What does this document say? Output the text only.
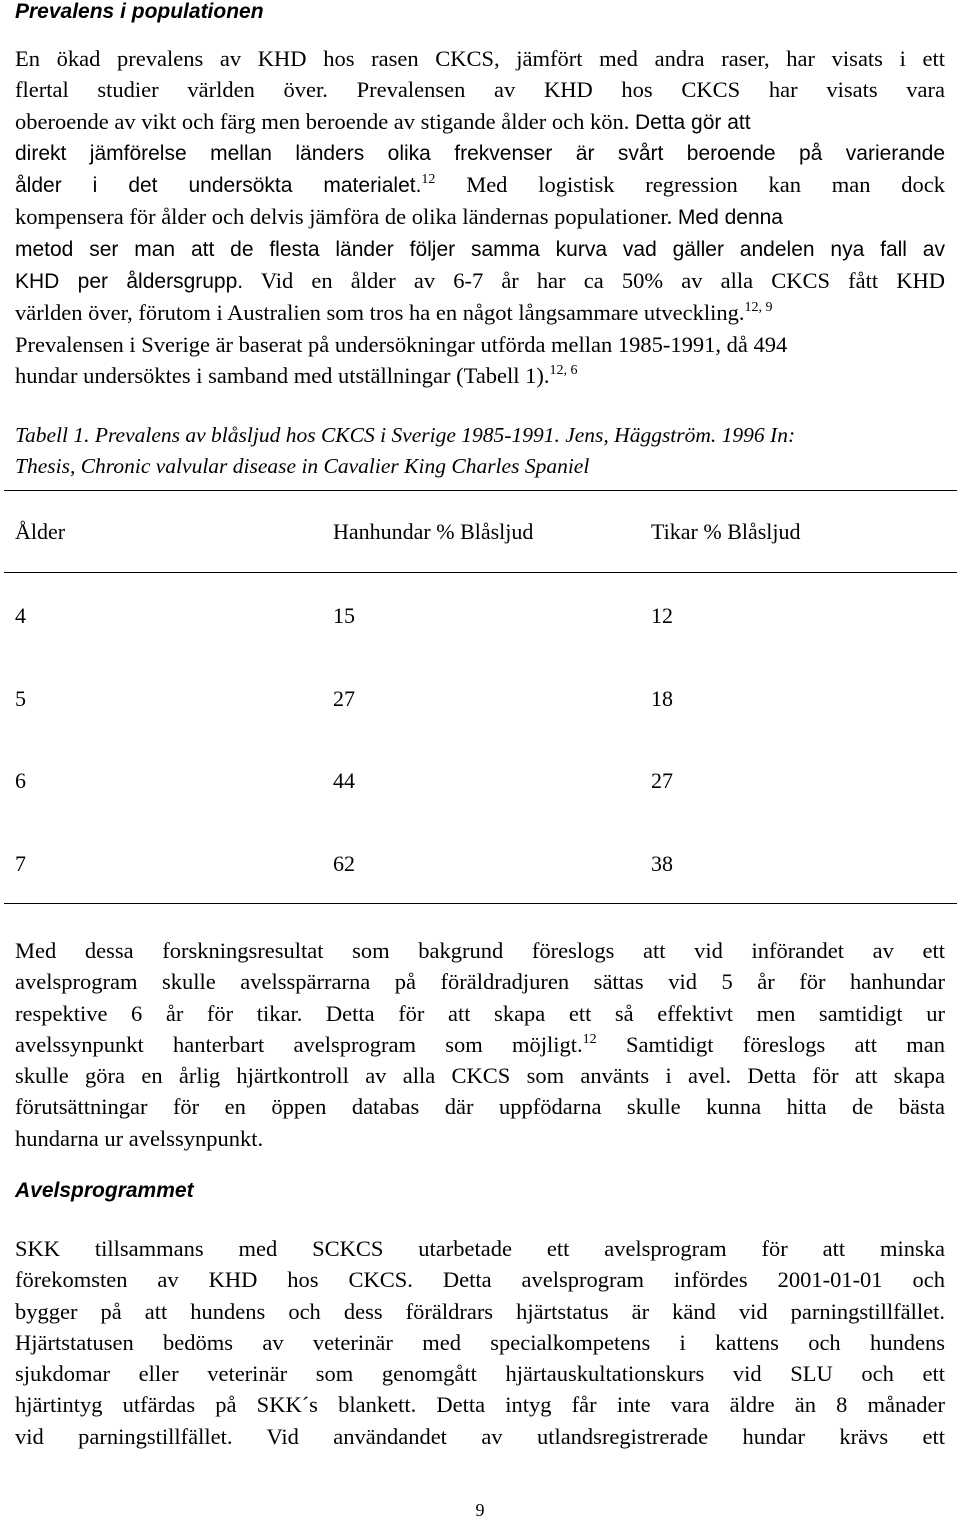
Prevalens i populationen
En ökad prevalens av KHD hos rasen CKCS, jämfört med andra raser, har visats i ett
flertal studier världen över. Prevalensen av KHD hos CKCS har visats vara
oberoende av vikt och färg men beroende av stigande ålder och kön. Detta gör att
direkt jämförelse mellan länders olika frekvenser är svårt beroende på varierande
ålder i det undersökta materialet.$^{12}$ Med logistisk regression kan man dock
kompensera för ålder och delvis jämföra de olika ländernas populationer. Med denna
metod ser man att de flesta länder följer samma kurva vad gäller andelen nya fall av
KHD per åldersgrupp. Vid en ålder av 6-7 år har ca 50% av alla CKCS fått KHD
världen över, förutom i Australien som tros ha en något långsammare utveckling.$^{12, 9}$
Prevalensen i Sverige är baserat på undersökningar utförda mellan 1985-1991, då 494
hundar undersöktes i samband med utställningar (Tabell 1).$^{12, 6}$
Tabell 1. Prevalens av blåsljud hos CKCS i Sverige 1985-1991. Jens, Häggström. 1996 In:
Thesis, Chronic valvular disease in Cavalier King Charles Spaniel
Ålder	Hanhundar % Blåsljud	Tikar % Blåsljud
4	15	12
5	27	18
6	44	27
7	62	38
Med dessa forskningsresultat som bakgrund föreslogs att vid införandet av ett
avelsprogram skulle avelsspärrarna på föräldradjuren sättas vid 5 år för hanhundar
respektive 6 år för tikar. Detta för att skapa ett så effektivt men samtidigt ur
avelssynpunkt hanterbart avelsprogram som möjligt.$^{12}$ Samtidigt föreslogs att man
skulle göra en årlig hjärtkontroll av alla CKCS som använts i avel. Detta för att skapa
förutsättningar för en öppen databas där uppfödarna skulle kunna hitta de bästa
hundarna ur avelssynpunkt.
Avelsprogrammet
SKK tillsammans med SCKCS utarbetade ett avelsprogram för att minska
förekomsten av KHD hos CKCS. Detta avelsprogram infördes 2001-01-01 och
bygger på att hundens och dess föräldrars hjärtstatus är känd vid parningstillfället.
Hjärtstatusen bedöms av veterinär med specialkompetens i kattens och hundens
sjukdomar eller veterinär som genomgått hjärtauskultationskurs vid SLU och ett
hjärtintyg utfärdas på SKK´s blankett. Detta intyg får inte vara äldre än 8 månader
vid parningstillfället. Vid användandet av utlandsregistrerade hundar krävs ett
9
